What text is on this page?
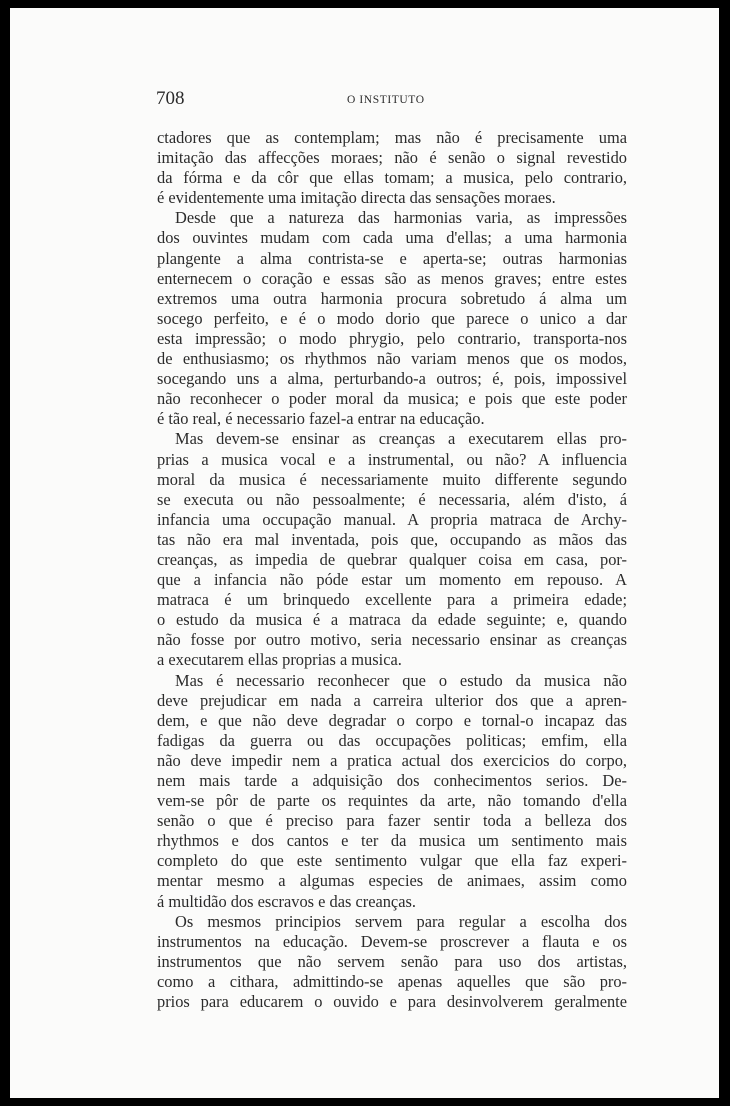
708	O INSTITUTO
ctadores que as contemplam; mas não é precisamente uma
imitação das affecções moraes; não é senão o signal revestido
da fórma e da côr que ellas tomam; a musica, pelo contrario,
é evidentemente uma imitação directa das sensações moraes.
Desde que a natureza das harmonias varia, as impressões
dos ouvintes mudam com cada uma d'ellas; a uma harmonia
plangente a alma contrista-se e aperta-se; outras harmonias
enternecem o coração e essas são as menos graves; entre estes
extremos uma outra harmonia procura sobretudo á alma um
socego perfeito, e é o modo dorio que parece o unico a dar
esta impressão; o modo phrygio, pelo contrario, transporta-nos
de enthusiasmo; os rhythmos não variam menos que os modos,
socegando uns a alma, perturbando-a outros; é, pois, impossivel
não reconhecer o poder moral da musica; e pois que este poder
é tão real, é necessario fazel-a entrar na educação.
Mas devem-se ensinar as creanças a executarem ellas pro-
prias a musica vocal e a instrumental, ou não? A influencia
moral da musica é necessariamente muito differente segundo
se executa ou não pessoalmente; é necessaria, além d'isto, á
infancia uma occupação manual. A propria matraca de Archy-
tas não era mal inventada, pois que, occupando as mãos das
creanças, as impedia de quebrar qualquer coisa em casa, por-
que a infancia não póde estar um momento em repouso. A
matraca é um brinquedo excellente para a primeira edade;
o estudo da musica é a matraca da edade seguinte; e, quando
não fosse por outro motivo, seria necessario ensinar as creanças
a executarem ellas proprias a musica.
Mas é necessario reconhecer que o estudo da musica não
deve prejudicar em nada a carreira ulterior dos que a apren-
dem, e que não deve degradar o corpo e tornal-o incapaz das
fadigas da guerra ou das occupações politicas; emfim, ella
não deve impedir nem a pratica actual dos exercicios do corpo,
nem mais tarde a adquisição dos conhecimentos serios. De-
vem-se pôr de parte os requintes da arte, não tomando d'ella
senão o que é preciso para fazer sentir toda a belleza dos
rhythmos e dos cantos e ter da musica um sentimento mais
completo do que este sentimento vulgar que ella faz experi-
mentar mesmo a algumas especies de animaes, assim como
á multidão dos escravos e das creanças.
Os mesmos principios servem para regular a escolha dos
instrumentos na educação. Devem-se proscrever a flauta e os
instrumentos que não servem senão para uso dos artistas,
como a cithara, admittindo-se apenas aquelles que são pro-
prios para educarem o ouvido e para desinvolverem geralmente
